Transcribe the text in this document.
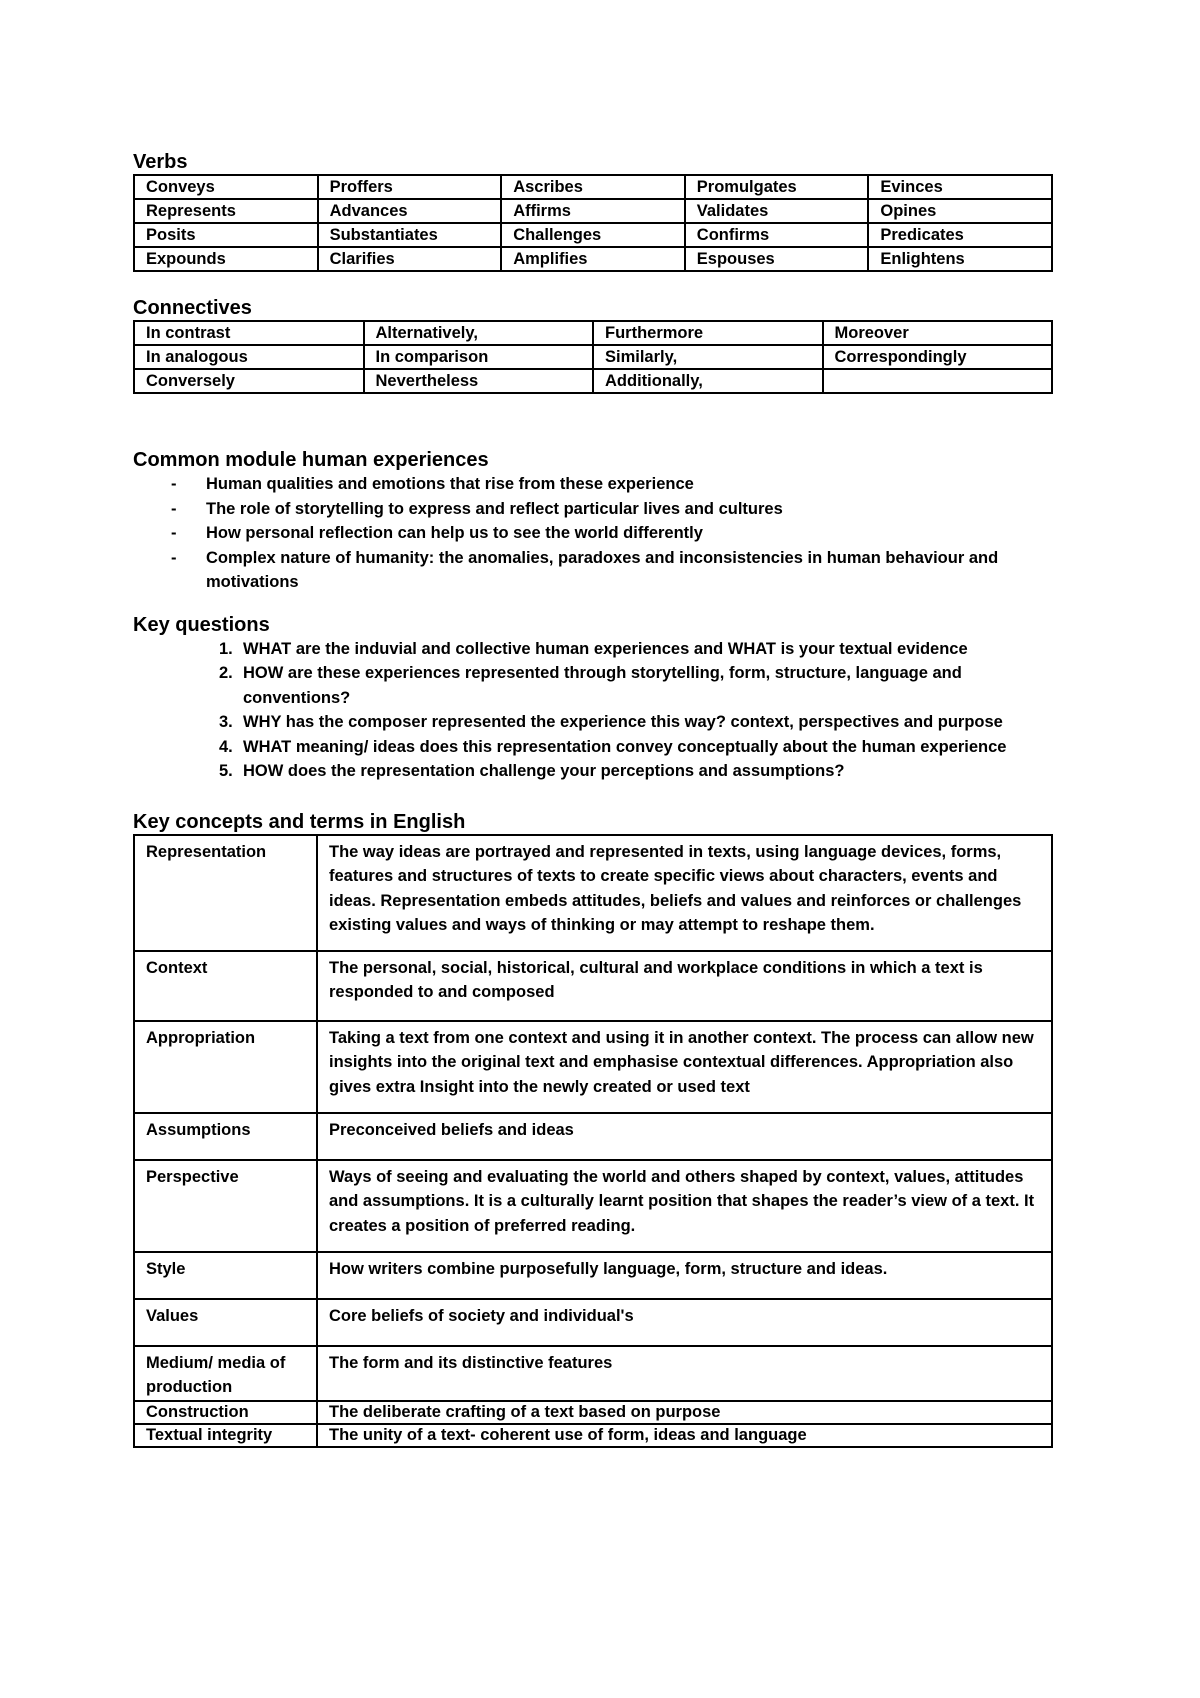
Verbs
Conveys	Proffers	Ascribes	Promulgates	Evinces
Represents	Advances	Affirms	Validates	Opines
Posits	Substantiates	Challenges	Confirms	Predicates
Expounds	Clarifies	Amplifies	Espouses	Enlightens
Connectives
In contrast	Alternatively,	Furthermore	Moreover
In analogous	In comparison	Similarly,	Correspondingly
Conversely	Nevertheless	Additionally,	
Common module human experiences
- Human qualities and emotions that rise from these experience
- The role of storytelling to express and reflect particular lives and cultures
- How personal reflection can help us to see the world differently
- Complex nature of humanity: the anomalies, paradoxes and inconsistencies in human behaviour and motivations
Key questions
1. WHAT are the induvial and collective human experiences and WHAT is your textual evidence
2. HOW are these experiences represented through storytelling, form, structure, language and conventions?
3. WHY has the composer represented the experience this way? context, perspectives and purpose
4. WHAT meaning/ ideas does this representation convey conceptually about the human experience
5. HOW does the representation challenge your perceptions and assumptions?
Key concepts and terms in English
Representation	The way ideas are portrayed and represented in texts, using language devices, forms, features and structures of texts to create specific views about characters, events and ideas. Representation embeds attitudes, beliefs and values and reinforces or challenges existing values and ways of thinking or may attempt to reshape them.
Context	The personal, social, historical, cultural and workplace conditions in which a text is responded to and composed
Appropriation	Taking a text from one context and using it in another context. The process can allow new insights into the original text and emphasise contextual differences. Appropriation also gives extra Insight into the newly created or used text
Assumptions	Preconceived beliefs and ideas
Perspective	Ways of seeing and evaluating the world and others shaped by context, values, attitudes and assumptions. It is a culturally learnt position that shapes the reader’s view of a text. It creates a position of preferred reading.
Style	How writers combine purposefully language, form, structure and ideas.
Values	Core beliefs of society and individual's
Medium/ media of production	The form and its distinctive features
Construction	The deliberate crafting of a text based on purpose
Textual integrity	The unity of a text- coherent use of form, ideas and language
